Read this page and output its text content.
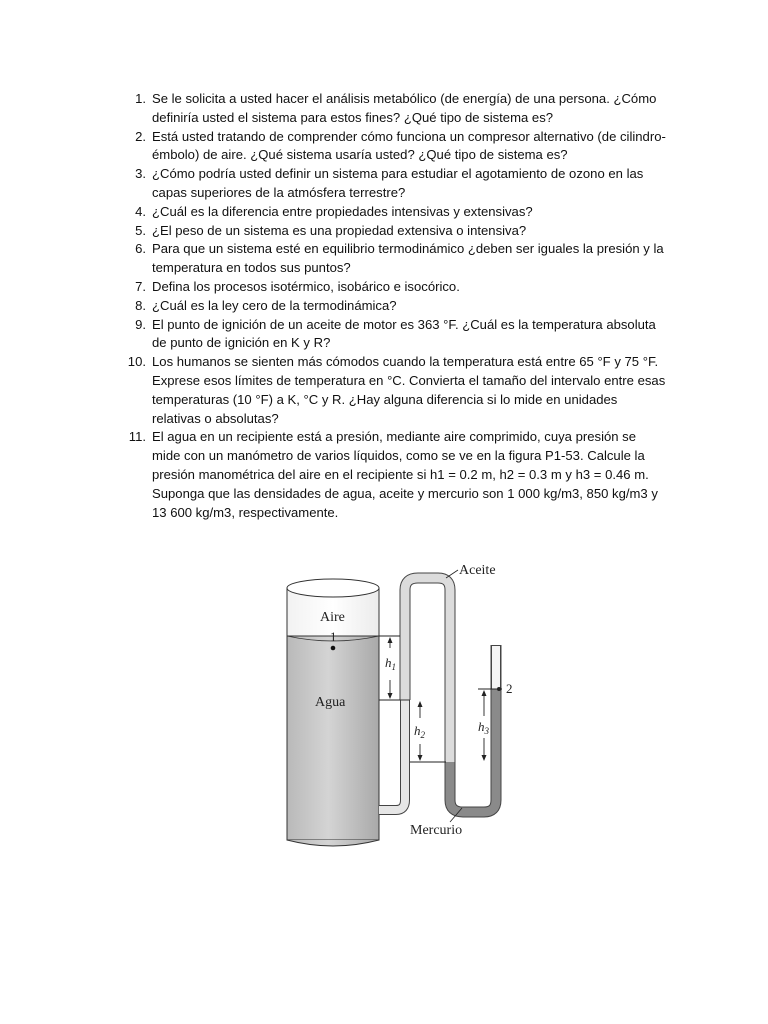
1. Se le solicita a usted hacer el análisis metabólico (de energía) de una persona. ¿Cómo definiría usted el sistema para estos fines? ¿Qué tipo de sistema es?
2. Está usted tratando de comprender cómo funciona un compresor alternativo (de cilindro-émbolo) de aire. ¿Qué sistema usaría usted? ¿Qué tipo de sistema es?
3. ¿Cómo podría usted definir un sistema para estudiar el agotamiento de ozono en las capas superiores de la atmósfera terrestre?
4. ¿Cuál es la diferencia entre propiedades intensivas y extensivas?
5. ¿El peso de un sistema es una propiedad extensiva o intensiva?
6. Para que un sistema esté en equilibrio termodinámico ¿deben ser iguales la presión y la temperatura en todos sus puntos?
7. Defina los procesos isotérmico, isobárico e isocórico.
8. ¿Cuál es la ley cero de la termodinámica?
9. El punto de ignición de un aceite de motor es 363 °F. ¿Cuál es la temperatura absoluta de punto de ignición en K y R?
10. Los humanos se sienten más cómodos cuando la temperatura está entre 65 °F y 75 °F. Exprese esos límites de temperatura en °C. Convierta el tamaño del intervalo entre esas temperaturas (10 °F) a K, °C y R. ¿Hay alguna diferencia si lo mide en unidades relativas o absolutas?
11. El agua en un recipiente está a presión, mediante aire comprimido, cuya presión se mide con un manómetro de varios líquidos, como se ve en la figura P1-53. Calcule la presión manométrica del aire en el recipiente si h1 = 0.2 m, h2 = 0.3 m y h3 = 0.46 m. Suponga que las densidades de agua, aceite y mercurio son 1 000 kg/m3, 850 kg/m3 y 13 600 kg/m3, respectivamente.
Aire
1
Agua
Aceite
2
Mercurio
$h_1$
$h_2$
$h_3$
